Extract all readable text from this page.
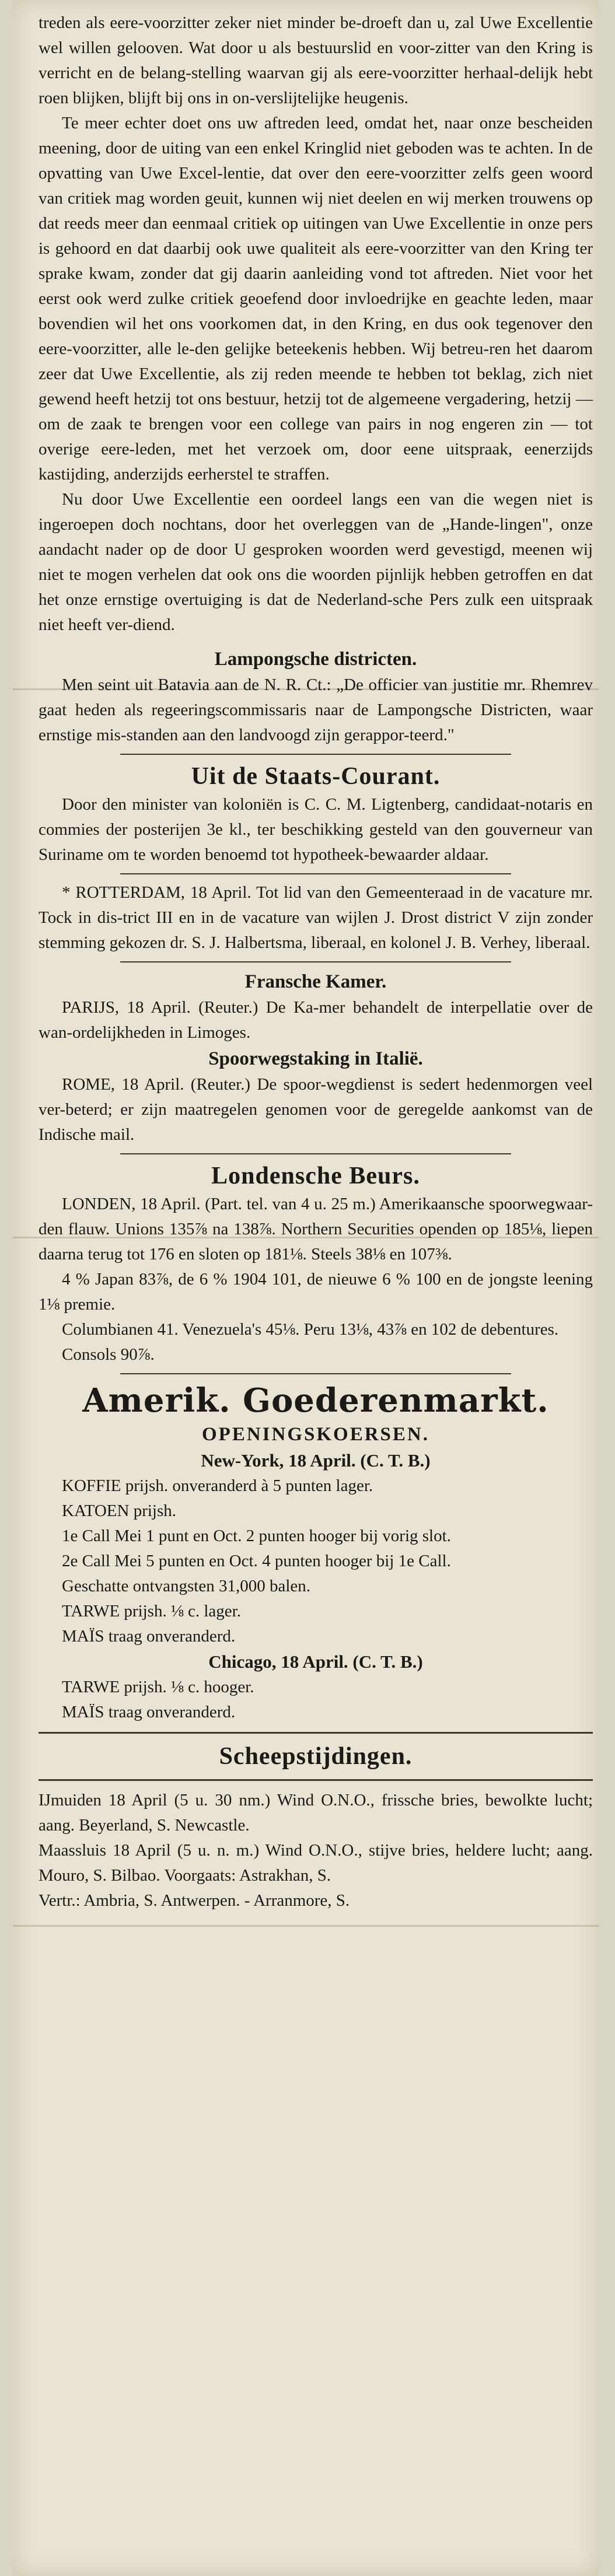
treden als eere-voorzitter zeker niet minder be-droeft dan u, zal Uwe Excellentie wel willen gelooven. Wat door u als bestuurslid en voor-zitter van den Kring is verricht en de belang-stelling waarvan gij als eere-voorzitter herhaal-delijk hebt roen blijken, blijft bij ons in on-verslijtelijke heugenis.

Te meer echter doet ons uw aftreden leed, omdat het, naar onze bescheiden meening, door de uiting van een enkel Kringlid niet geboden was te achten. In de opvatting van Uwe Excel-lentie, dat over den eere-voorzitter zelfs geen woord van critiek mag worden geuit, kunnen wij niet deelen en wij merken trouwens op dat reeds meer dan eenmaal critiek op uitingen van Uwe Excellentie in onze pers is gehoord en dat daarbij ook uwe qualiteit als eere-voorzitter van den Kring ter sprake kwam, zonder dat gij daarin aanleiding vond tot aftreden. Niet voor het eerst ook werd zulke critiek geoefend door invloedrijke en geachte leden, maar bovendien wil het ons voorkomen dat, in den Kring, en dus ook tegenover den eere-voorzitter, alle le-den gelijke beteekenis hebben. Wij betreu-ren het daarom zeer dat Uwe Excellentie, als zij reden meende te hebben tot beklag, zich niet gewend heeft hetzij tot ons bestuur, hetzij tot de algemeene vergadering, hetzij — om de zaak te brengen voor een college van pairs in nog engeren zin — tot overige eere-leden, met het verzoek om, door eene uitspraak, eenerzijds kastijding, anderzijds eerherstel te straffen.

Nu door Uwe Excellentie een oordeel langs een van die wegen niet is ingeroepen doch nochtans, door het overleggen van de „Hande-lingen", onze aandacht nader op de door U gesproken woorden werd gevestigd, meenen wij niet te mogen verhelen dat ook ons die woorden pijnlijk hebben getroffen en dat het onze ernstige overtuiging is dat de Nederland-sche Pers zulk een uitspraak niet heeft ver-diend.

Lampongsche districten.

Men seint uit Batavia aan de N. R. Ct.: „De officier van justitie mr. Rhemrev gaat heden als regeeringscommissaris naar de Lampongsche Districten, waar ernstige mis-standen aan den landvoogd zijn gerappor-teerd."

Uit de Staats-Courant.

Door den minister van koloniën is C. C. M. Ligtenberg, candidaat-notaris en commies der posterijen 3e kl., ter beschikking gesteld van den gouverneur van Suriname om te worden benoemd tot hypotheek-bewaarder aldaar.

* ROTTERDAM, 18 April. Tot lid van den Gemeenteraad in de vacature mr. Tock in dis-trict III en in de vacature van wijlen J. Drost district V zijn zonder stemming gekozen dr. S. J. Halbertsma, liberaal, en kolonel J. B. Verhey, liberaal.

Fransche Kamer.

PARIJS, 18 April. (Reuter.) De Ka-mer behandelt de interpellatie over de wan-ordelijkheden in Limoges.

Spoorwegstaking in Italië.

ROME, 18 April. (Reuter.) De spoor-wegdienst is sedert hedenmorgen veel ver-beterd; er zijn maatregelen genomen voor de geregelde aankomst van de Indische mail.

Londensche Beurs.

LONDEN, 18 April. (Part. tel. van 4 u. 25 m.) Amerikaansche spoorwegwaar-den flauw. Unions 135⅞ na 138⅞. Northern Securities openden op 185⅛, liepen daarna terug tot 176 en sloten op 181⅛. Steels 38⅛ en 107⅜.

4 % Japan 83⅞, de 6 % 1904 101, de nieuwe 6 % 100 en de jongste leening 1⅛ premie.

Columbianen 41. Venezuela's 45⅛. Peru 13⅛, 43⅞ en 102 de debentures.

Consols 90⅞.

Amerik. Goederenmarkt.
OPENINGSKOERSEN.
New-York, 18 April. (C. T. B.)

KOFFIE prijsh. onveranderd à 5 punten lager.

KATOEN prijsh.

1e Call Mei 1 punt en Oct. 2 punten hooger bij vorig slot.

2e Call Mei 5 punten en Oct. 4 punten hooger bij 1e Call.

Geschatte ontvangsten 31,000 balen.

TARWE prijsh. ⅛ c. lager.

MAÏS traag onveranderd.

Chicago, 18 April. (C. T. B.)

TARWE prijsh. ⅛ c. hooger.

MAÏS traag onveranderd.

Scheepstijdingen.

IJmuiden 18 April (5 u. 30 nm.) Wind O.N.O., frissche bries, bewolkte lucht; aang. Beyerland, S. Newcastle.

Maassluis 18 April (5 u. n. m.) Wind O.N.O., stijve bries, heldere lucht; aang. Mouro, S. Bilbao. Voorgaats: Astrakhan, S.

Vertr.: Ambria, S. Antwerpen. - Arranmore, S.
